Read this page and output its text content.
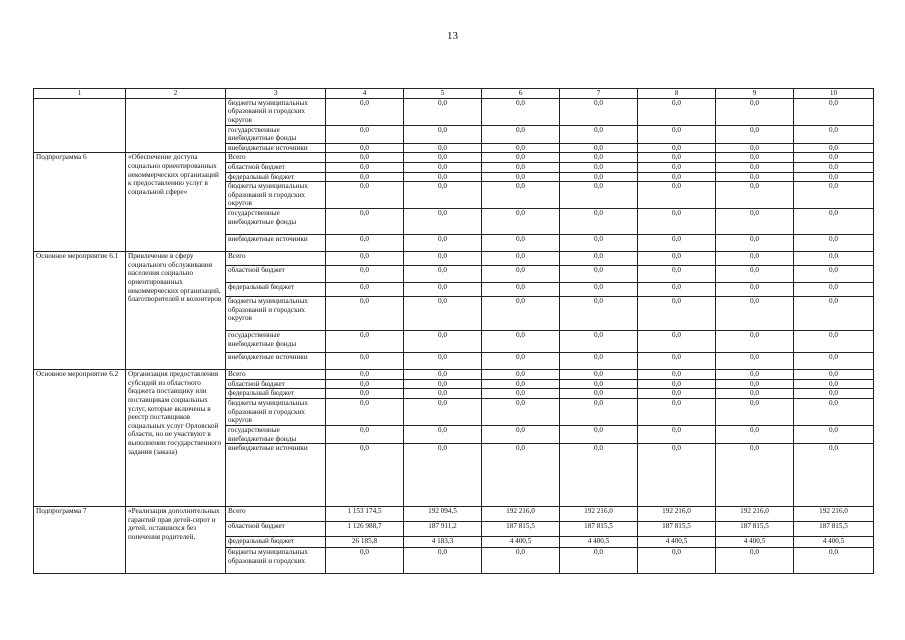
13
1	2	3	4	5	6	7	8	9	10
		бюджеты муниципальных образований и городских округов	0,0	0,0	0,0	0,0	0,0	0,0	0,0
		государственные внебюджетные фонды	0,0	0,0	0,0	0,0	0,0	0,0	0,0
		внебюджетные источники	0,0	0,0	0,0	0,0	0,0	0,0	0,0
Подпрограмма 6	«Обеспечение доступа социально ориентированных некоммерческих организаций к предоставлению услуг в социальной сфере»	Всего	0,0	0,0	0,0	0,0	0,0	0,0	0,0
		областной бюджет	0,0	0,0	0,0	0,0	0,0	0,0	0,0
		федеральный бюджет	0,0	0,0	0,0	0,0	0,0	0,0	0,0
		бюджеты муниципальных образований и городских округов	0,0	0,0	0,0	0,0	0,0	0,0	0,0
		государственные внебюджетные фонды	0,0	0,0	0,0	0,0	0,0	0,0	0,0
		внебюджетные источники	0,0	0,0	0,0	0,0	0,0	0,0	0,0
Основное мероприятие 6.1	Привлечение в сферу социального обслуживания населения социально ориентированных некоммерческих организаций, благотворителей и волонтеров	Всего	0,0	0,0	0,0	0,0	0,0	0,0	0,0
		областной бюджет	0,0	0,0	0,0	0,0	0,0	0,0	0,0
		федеральный бюджет	0,0	0,0	0,0	0,0	0,0	0,0	0,0
		бюджеты муниципальных образований и городских округов	0,0	0,0	0,0	0,0	0,0	0,0	0,0
		государственные внебюджетные фонды	0,0	0,0	0,0	0,0	0,0	0,0	0,0
		внебюджетные источники	0,0	0,0	0,0	0,0	0,0	0,0	0,0
Основное мероприятие 6.2	Организация предоставления субсидий из областного бюджета поставщику или поставщикам социальных услуг, которые включены в реестр поставщиков социальных услуг Орловской области, но не участвуют в выполнении государственного задания (заказа)	Всего	0,0	0,0	0,0	0,0	0,0	0,0	0,0
		областной бюджет	0,0	0,0	0,0	0,0	0,0	0,0	0,0
		федеральный бюджет	0,0	0,0	0,0	0,0	0,0	0,0	0,0
		бюджеты муниципальных образований и городских округов	0,0	0,0	0,0	0,0	0,0	0,0	0,0
		государственные внебюджетные фонды	0,0	0,0	0,0	0,0	0,0	0,0	0,0
		внебюджетные источники	0,0	0,0	0,0	0,0	0,0	0,0	0,0
Подпрограмма 7	«Реализация дополнительных гарантий прав детей-сирот и детей, оставшихся без попечения родителей,	Всего	1 153 174,5	192 094,5	192 216,0	192 216,0	192 216,0	192 216,0	192 216,0
		областной бюджет	1 126 988,7	187 911,2	187 815,5	187 815,5	187 815,5	187 815,5	187 815,5
		федеральный бюджет	26 185,8	4 183,3	4 400,5	4 400,5	4 400,5	4 400,5	4 400,5
		бюджеты муниципальных образований и городских	0,0	0,0	0,0	0,0	0,0	0,0	0,0
